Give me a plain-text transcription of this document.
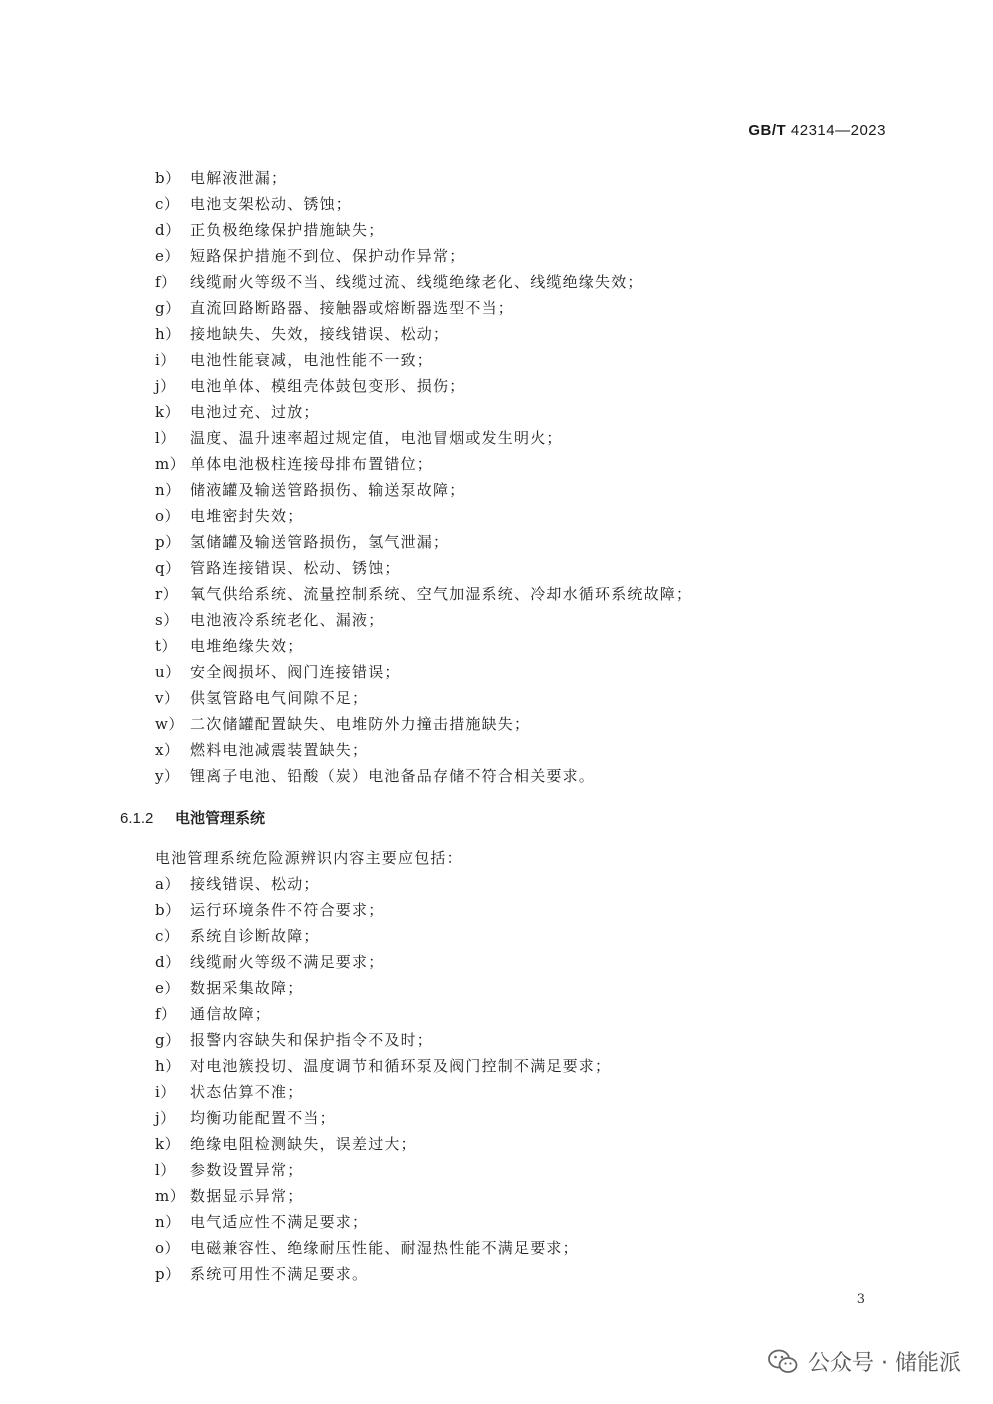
GB/T 42314—2023
b） 电解液泄漏；
c） 电池支架松动、锈蚀；
d） 正负极绝缘保护措施缺失；
e） 短路保护措施不到位、保护动作异常；
f） 线缆耐火等级不当、线缆过流、线缆绝缘老化、线缆绝缘失效；
g） 直流回路断路器、接触器或熔断器选型不当；
h） 接地缺失、失效，接线错误、松动；
i） 电池性能衰减，电池性能不一致；
j） 电池单体、模组壳体鼓包变形、损伤；
k） 电池过充、过放；
l） 温度、温升速率超过规定值，电池冒烟或发生明火；
m） 单体电池极柱连接母排布置错位；
n） 储液罐及输送管路损伤、输送泵故障；
o） 电堆密封失效；
p） 氢储罐及输送管路损伤，氢气泄漏；
q） 管路连接错误、松动、锈蚀；
r） 氧气供给系统、流量控制系统、空气加湿系统、冷却水循环系统故障；
s） 电池液冷系统老化、漏液；
t） 电堆绝缘失效；
u） 安全阀损坏、阀门连接错误；
v） 供氢管路电气间隙不足；
w） 二次储罐配置缺失、电堆防外力撞击措施缺失；
x） 燃料电池减震装置缺失；
y） 锂离子电池、铅酸（炭）电池备品存储不符合相关要求。
6.1.2 电池管理系统
电池管理系统危险源辨识内容主要应包括：
a） 接线错误、松动；
b） 运行环境条件不符合要求；
c） 系统自诊断故障；
d） 线缆耐火等级不满足要求；
e） 数据采集故障；
f） 通信故障；
g） 报警内容缺失和保护指令不及时；
h） 对电池簇投切、温度调节和循环泵及阀门控制不满足要求；
i） 状态估算不准；
j） 均衡功能配置不当；
k） 绝缘电阻检测缺失，误差过大；
l） 参数设置异常；
m） 数据显示异常；
n） 电气适应性不满足要求；
o） 电磁兼容性、绝缘耐压性能、耐湿热性能不满足要求；
p） 系统可用性不满足要求。
3
公众号 · 储能派
